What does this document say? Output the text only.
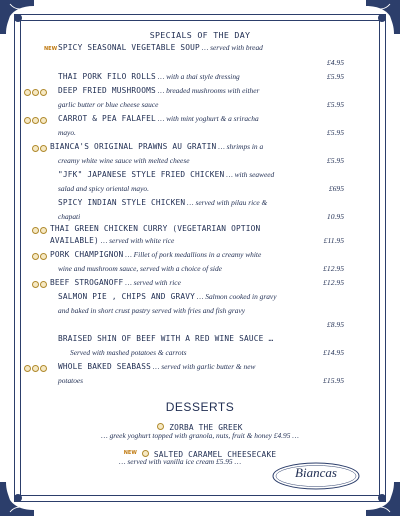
SPECIALS OF THE DAY
NEW SPICY SEASONAL VEGETABLE SOUP … served with bread
£4.95
THAI PORK FILO ROLLS … with a thai style dressing	£5.95
DEEP FRIED MUSHROOMS … breaded mushrooms with either
garlic butter or blue cheese sauce	£5.95
CARROT & PEA FALAFEL … with mint yoghurt & a sriracha
mayo.	£5.95
BIANCA'S ORIGINAL PRAWNS AU GRATIN … shrimps in a
creamy white wine sauce with melted cheese	£5.95
"JFK" JAPANESE STYLE FRIED CHICKEN … with seaweed
salad and spicy oriental mayo.	£695
SPICY INDIAN STYLE CHICKEN … served with pilau rice &
chapati	10.95
THAI GREEN CHICKEN CURRY (VEGETARIAN OPTION
AVAILABLE) … served with white rice	£11.95
PORK CHAMPIGNON … Fillet of pork medallions in a creamy white
wine and mushroom sauce, served with a choice of side	£12.95
BEEF STROGANOFF … served with rice	£12.95
SALMON PIE , CHIPS AND GRAVY … Salmon cooked in gravy
and baked in short crust pastry served with fries and fish gravy
£8.95
BRAISED SHIN OF BEEF WITH A RED WINE SAUCE …
Served with mashed potatoes & carrots	£14.95
WHOLE BAKED SEABASS … served with garlic butter & new
potatoes	£15.95
DESSERTS
ZORBA THE GREEK
… greek yoghurt topped with granola, nuts, fruit & honey £4.95 …
NEW SALTED CARAMEL CHEESECAKE
… served with vanilla ice cream £5.95 …
Biancas
